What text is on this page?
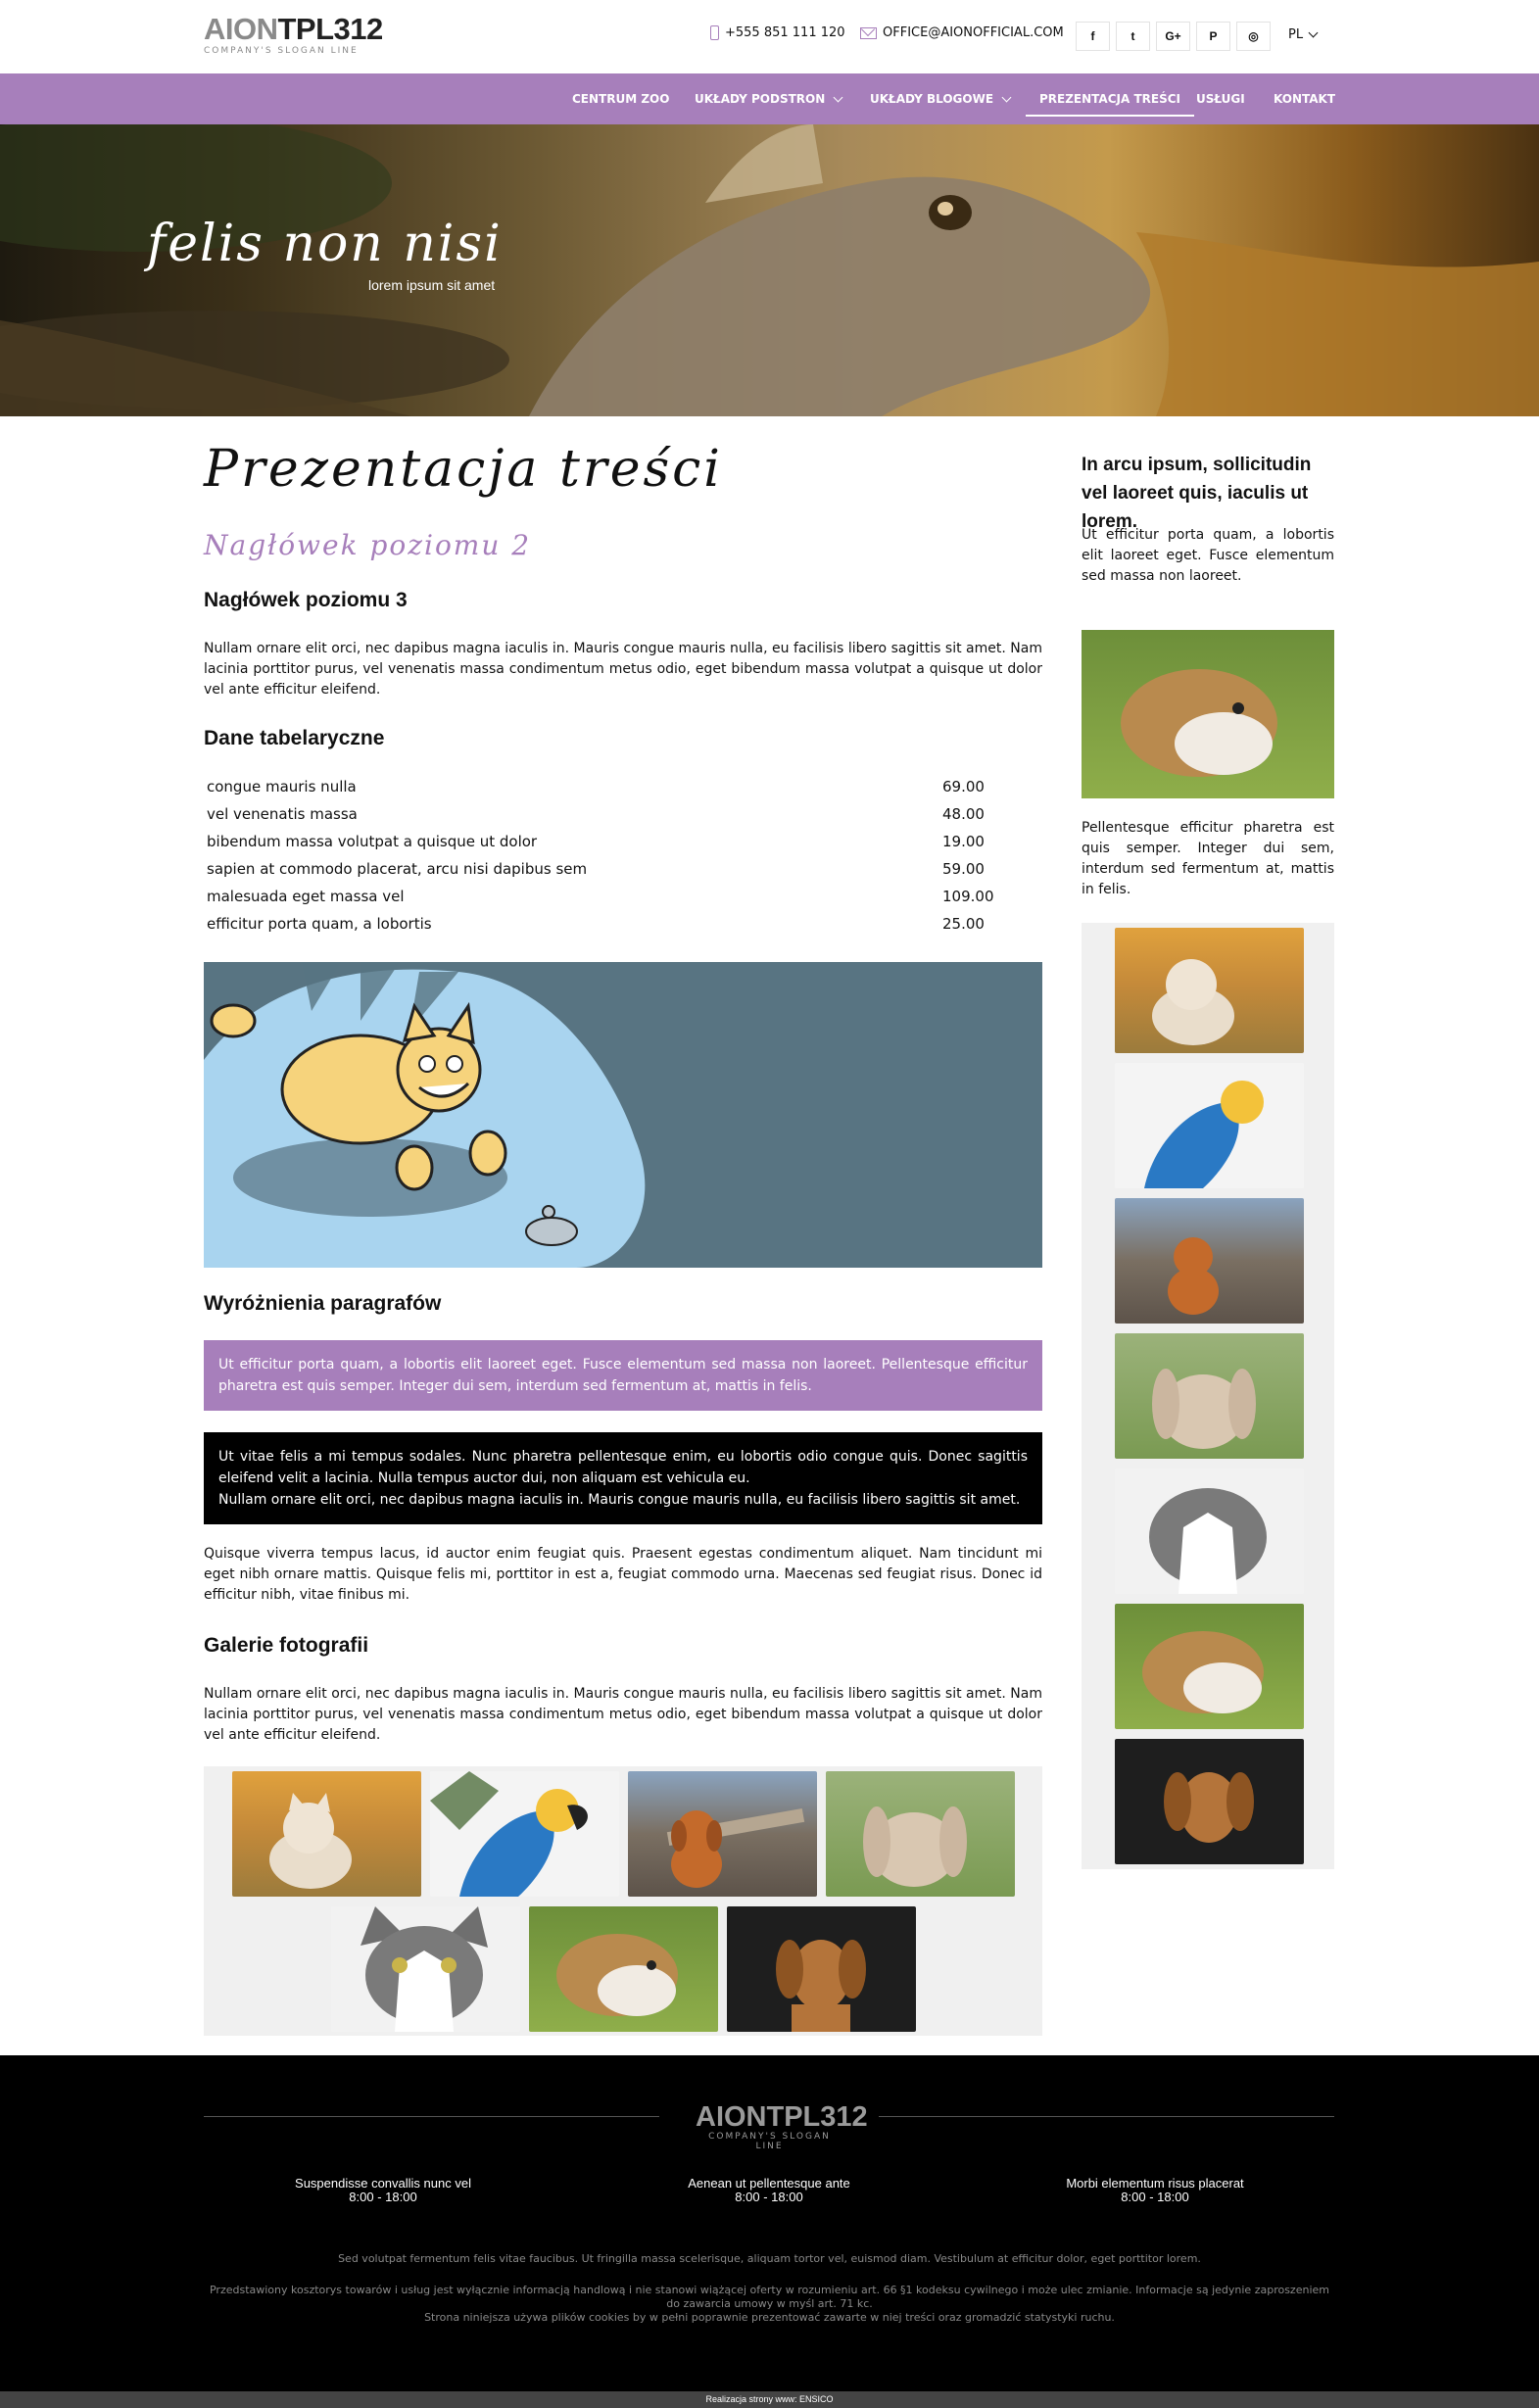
AIONTPL312
COMPANY'S SLOGAN LINE
+555 851 111 120	OFFICE@AIONOFFICIAL.COM	f	t	G+	P	◎	PL
CENTRUM ZOO UKŁADY PODSTRON	UKŁADY BLOGOWE	PREZENTACJA TREŚCI USŁUGI KONTAKT
felis non nisi
lorem ipsum sit amet
Prezentacja treści
Nagłówek poziomu 2
Nagłówek poziomu 3
Nullam ornare elit orci, nec dapibus magna iaculis in. Mauris congue mauris nulla, eu facilisis libero sagittis sit amet. Nam lacinia porttitor purus, vel venenatis massa condimentum metus odio, eget bibendum massa volutpat a quisque ut dolor vel ante efficitur eleifend.
Dane tabelaryczne
congue mauris nulla	69.00
vel venenatis massa	48.00
bibendum massa volutpat a quisque ut dolor	19.00
sapien at commodo placerat, arcu nisi dapibus sem	59.00
malesuada eget massa vel	109.00
efficitur porta quam, a lobortis	25.00
Wyróżnienia paragrafów
Ut efficitur porta quam, a lobortis elit laoreet eget. Fusce elementum sed massa non laoreet. Pellentesque efficitur pharetra est quis semper. Integer dui sem, interdum sed fermentum at, mattis in felis.
Ut vitae felis a mi tempus sodales. Nunc pharetra pellentesque enim, eu lobortis odio congue quis. Donec sagittis eleifend velit a lacinia. Nulla tempus auctor dui, non aliquam est vehicula eu.
Nullam ornare elit orci, nec dapibus magna iaculis in. Mauris congue mauris nulla, eu facilisis libero sagittis sit amet.
Quisque viverra tempus lacus, id auctor enim feugiat quis. Praesent egestas condimentum aliquet. Nam tincidunt mi eget nibh ornare mattis. Quisque felis mi, porttitor in est a, feugiat commodo urna. Maecenas sed feugiat risus. Donec id efficitur nibh, vitae finibus mi.
Galerie fotografii
Nullam ornare elit orci, nec dapibus magna iaculis in. Mauris congue mauris nulla, eu facilisis libero sagittis sit amet. Nam lacinia porttitor purus, vel venenatis massa condimentum metus odio, eget bibendum massa volutpat a quisque ut dolor vel ante efficitur eleifend.
In arcu ipsum, sollicitudin vel laoreet quis, iaculis ut lorem.
Ut efficitur porta quam, a lobortis elit laoreet eget. Fusce elementum sed massa non laoreet.
Pellentesque efficitur pharetra est quis semper. Integer dui sem, interdum sed fermentum at, mattis in felis.
AIONTPL312
COMPANY'S SLOGAN LINE
Suspendisse convallis nunc vel
8:00 - 18:00
Aenean ut pellentesque ante
8:00 - 18:00
Morbi elementum risus placerat
8:00 - 18:00
Sed volutpat fermentum felis vitae faucibus. Ut fringilla massa scelerisque, aliquam tortor vel, euismod diam. Vestibulum at efficitur dolor, eget porttitor lorem.
Przedstawiony kosztorys towarów i usług jest wyłącznie informacją handlową i nie stanowi wiążącej oferty w rozumieniu art. 66 §1 kodeksu cywilnego i może ulec zmianie. Informacje są jedynie zaproszeniem do zawarcia umowy w myśl art. 71 kc.
Strona niniejsza używa plików cookies by w pełni poprawnie prezentować zawarte w niej treści oraz gromadzić statystyki ruchu.
Realizacja strony www: ENSICO
